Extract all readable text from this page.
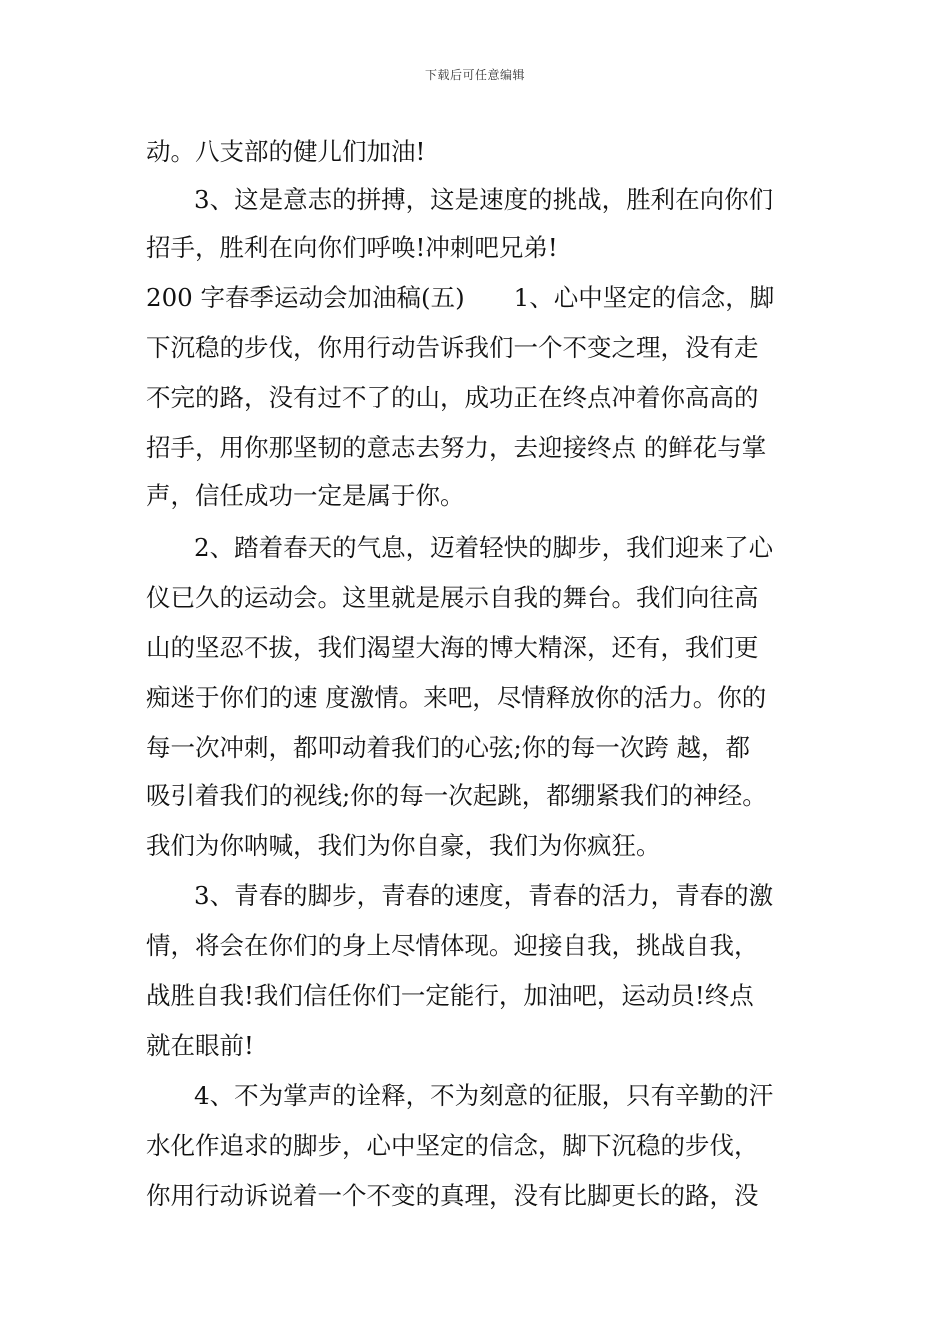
下载后可任意编辑
动。八支部的健儿们加油!
3、这是意志的拼搏，这是速度的挑战，胜利在向你们
招手，胜利在向你们呼唤!冲刺吧兄弟!
200 字春季运动会加油稿(五)　　1、心中坚定的信念，脚
下沉稳的步伐，你用行动告诉我们一个不变之理，没有走
不完的路，没有过不了的山，成功正在终点冲着你高高的
招手，用你那坚韧的意志去努力，去迎接终点 的鲜花与掌
声，信任成功一定是属于你。
2、踏着春天的气息，迈着轻快的脚步，我们迎来了心
仪已久的运动会。这里就是展示自我的舞台。我们向往高
山的坚忍不拔，我们渴望大海的博大精深，还有，我们更
痴迷于你们的速 度激情。来吧，尽情释放你的活力。你的
每一次冲刺，都叩动着我们的心弦;你的每一次跨 越，都
吸引着我们的视线;你的每一次起跳，都绷紧我们的神经。
我们为你呐喊，我们为你自豪，我们为你疯狂。
3、青春的脚步，青春的速度，青春的活力，青春的激
情，将会在你们的身上尽情体现。迎接自我，挑战自我，
战胜自我!我们信任你们一定能行，加油吧，运动员!终点
就在眼前!
4、不为掌声的诠释，不为刻意的征服，只有辛勤的汗
水化作追求的脚步，心中坚定的信念，脚下沉稳的步伐，
你用行动诉说着一个不变的真理，没有比脚更长的路，没
